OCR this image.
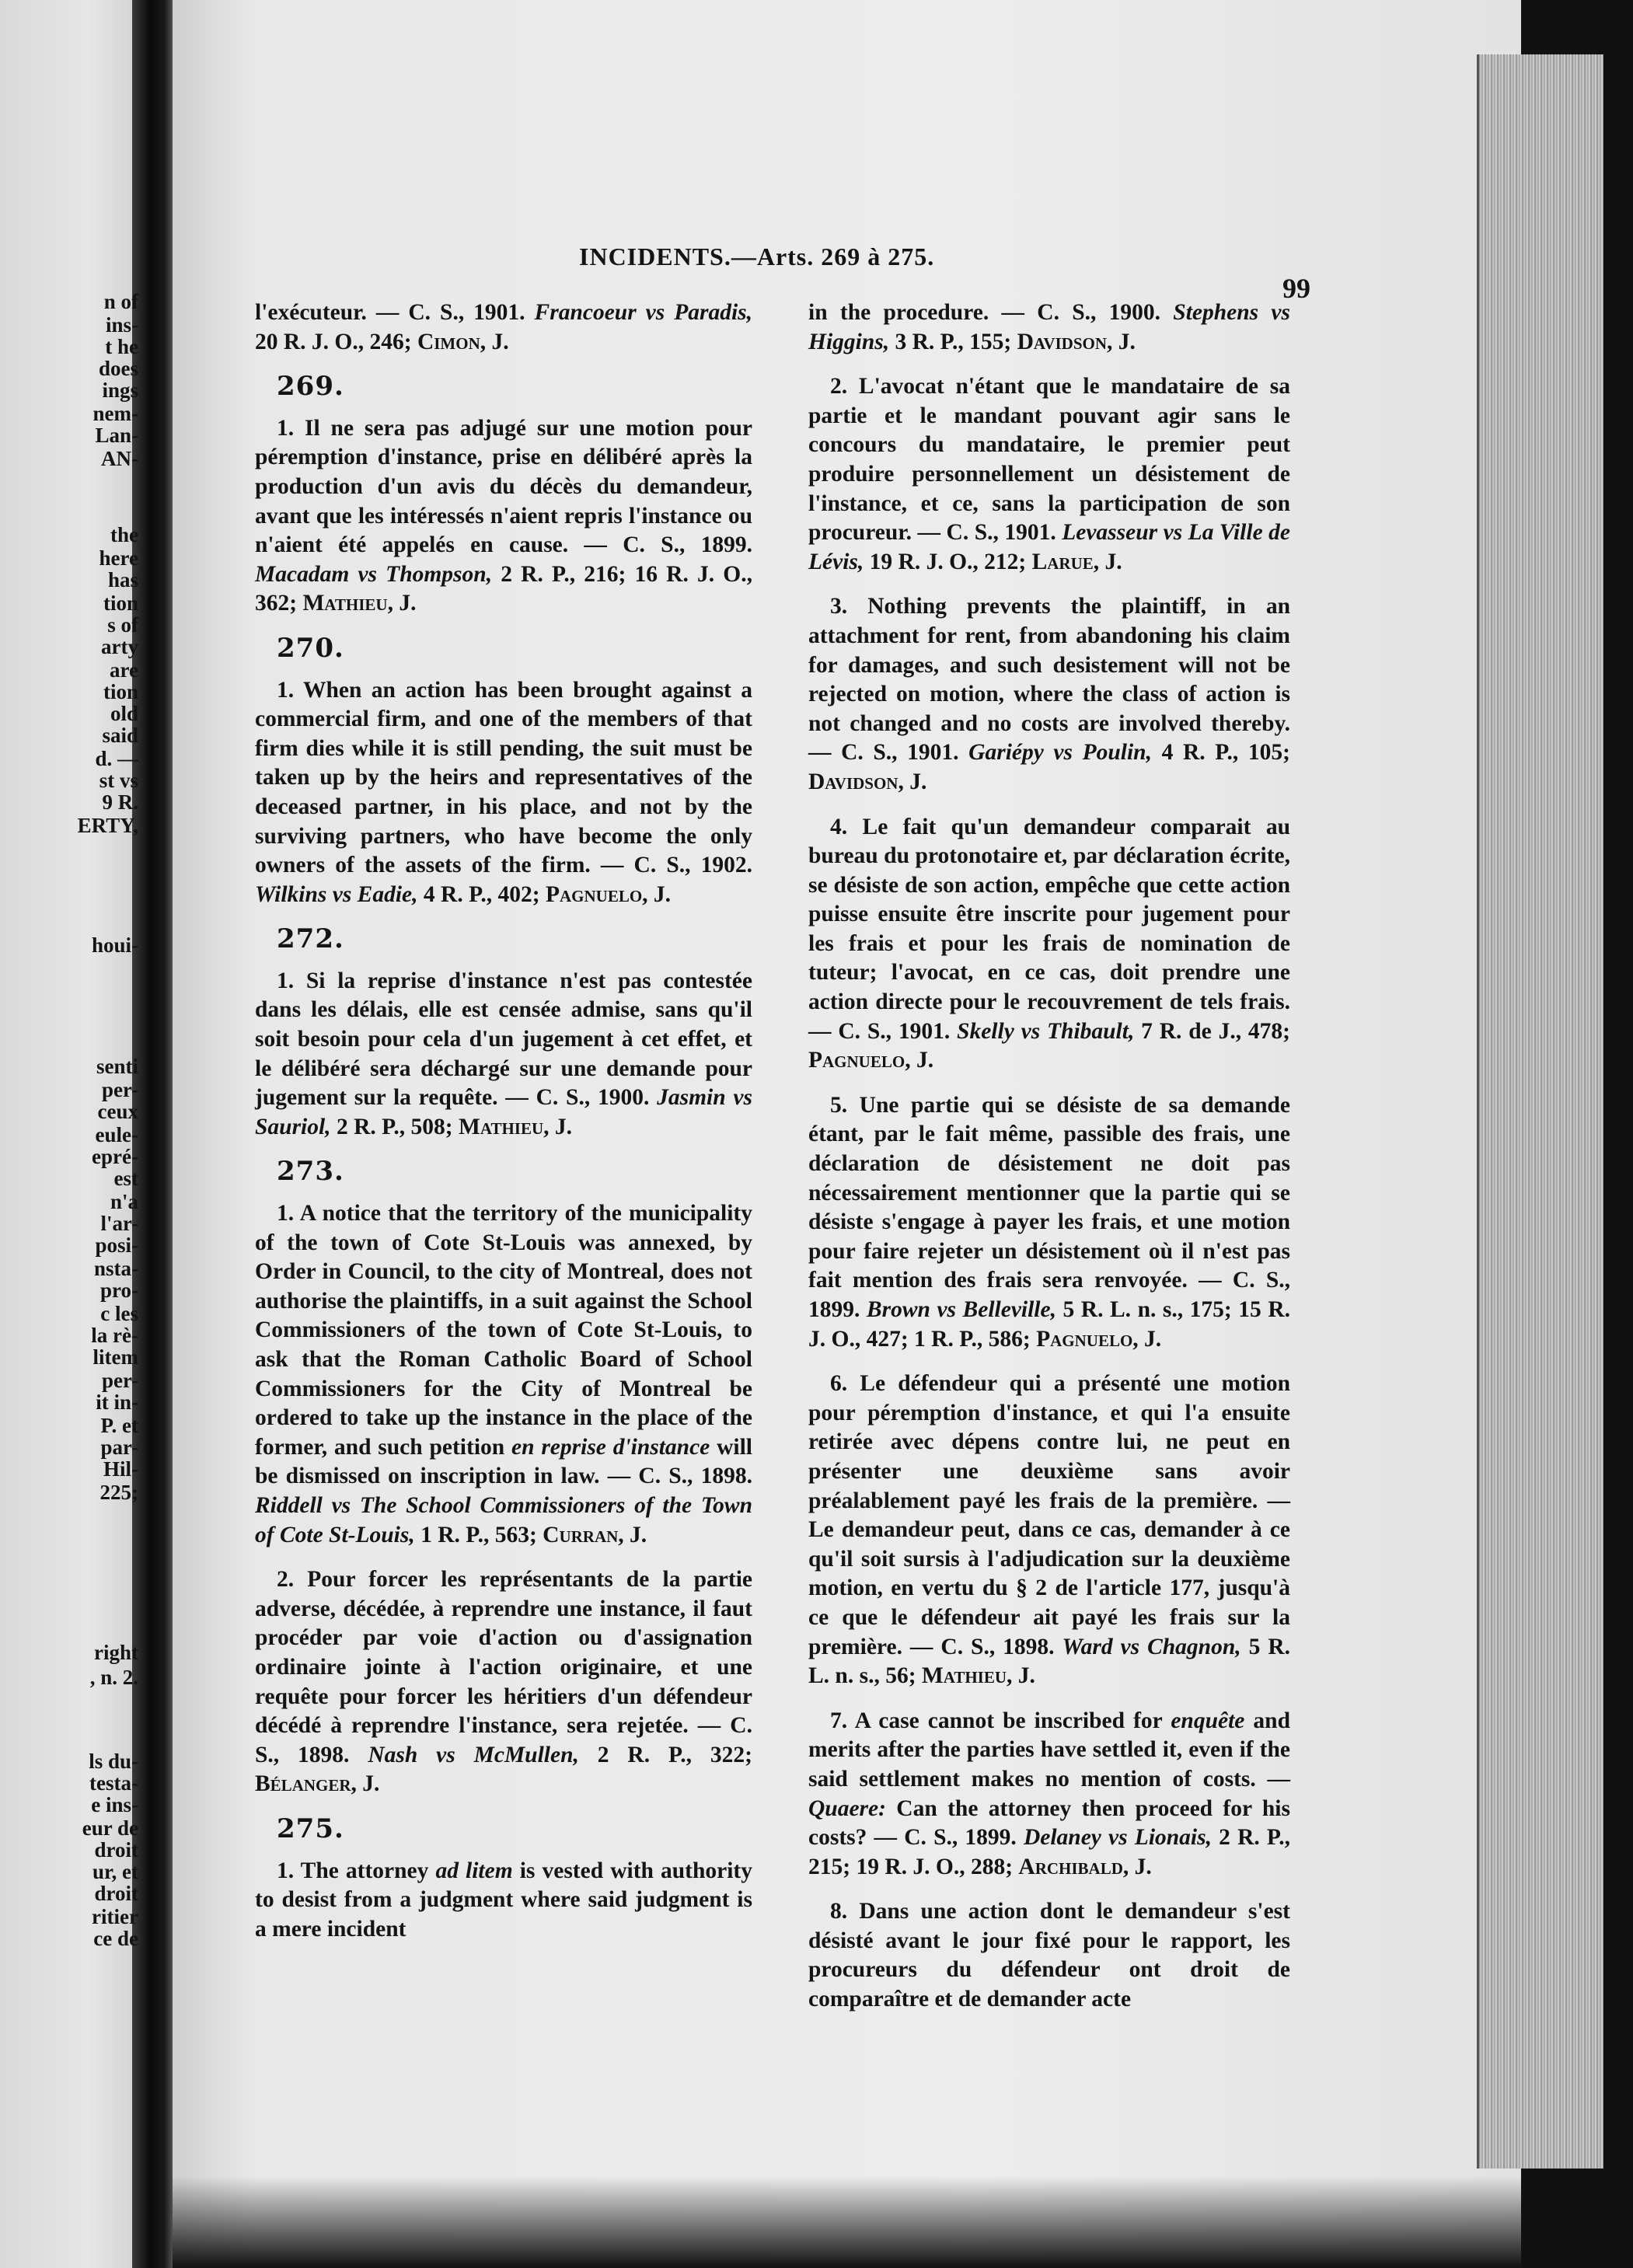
n of
ins-
t he
does
ings
nem-
Lan-
AN-
the
here
has
tion
s of
arty
are
tion
old
said
d. —
st vs
9 R.
ERTY,
houi-
senti
per-
ceux
eule-
epré-
est
n'a
l'ar-
posi-
nsta-
pro-
c les
la rè-
litem
per-
it in-
P. et
par-
Hil-
225;
right
, n. 2.
ls du-
testa-
e ins-
eur de
droit
ur, et
droit
ritier
ce de
INCIDENTS.—Arts. 269 à 275.
99

l'exécuteur. — C. S., 1901. Francoeur vs Paradis, 20 R. J. O., 246; Cimon, J.

269.

1. Il ne sera pas adjugé sur une motion pour péremption d'instance, prise en délibéré après la production d'un avis du décès du demandeur, avant que les intéressés n'aient repris l'instance ou n'aient été appelés en cause. — C. S., 1899. Macadam vs Thompson, 2 R. P., 216; 16 R. J. O., 362; Mathieu, J.

270.

1. When an action has been brought against a commercial firm, and one of the members of that firm dies while it is still pending, the suit must be taken up by the heirs and representatives of the deceased partner, in his place, and not by the surviving partners, who have become the only owners of the assets of the firm. — C. S., 1902. Wilkins vs Eadie, 4 R. P., 402; Pagnuelo, J.

272.

1. Si la reprise d'instance n'est pas contestée dans les délais, elle est censée admise, sans qu'il soit besoin pour cela d'un jugement à cet effet, et le délibéré sera déchargé sur une demande pour jugement sur la requête. — C. S., 1900. Jasmin vs Sauriol, 2 R. P., 508; Mathieu, J.

273.

1. A notice that the territory of the municipality of the town of Cote St-Louis was annexed, by Order in Council, to the city of Montreal, does not authorise the plaintiffs, in a suit against the School Commissioners of the town of Cote St-Louis, to ask that the Roman Catholic Board of School Commissioners for the City of Montreal be ordered to take up the instance in the place of the former, and such petition en reprise d'instance will be dismissed on inscription in law. — C. S., 1898. Riddell vs The School Commissioners of the Town of Cote St-Louis, 1 R. P., 563; Curran, J.

2. Pour forcer les représentants de la partie adverse, décédée, à reprendre une instance, il faut procéder par voie d'action ou d'assignation ordinaire jointe à l'action originaire, et une requête pour forcer les héritiers d'un défendeur décédé à reprendre l'instance, sera rejetée. — C. S., 1898. Nash vs McMullen, 2 R. P., 322; Bélanger, J.

275.

1. The attorney ad litem is vested with authority to desist from a judgment where said judgment is a mere incident

in the procedure. — C. S., 1900. Stephens vs Higgins, 3 R. P., 155; Davidson, J.

2. L'avocat n'étant que le mandataire de sa partie et le mandant pouvant agir sans le concours du mandataire, le premier peut produire personnellement un désistement de l'instance, et ce, sans la participation de son procureur. — C. S., 1901. Levasseur vs La Ville de Lévis, 19 R. J. O., 212; Larue, J.

3. Nothing prevents the plaintiff, in an attachment for rent, from abandoning his claim for damages, and such desistement will not be rejected on motion, where the class of action is not changed and no costs are involved thereby. — C. S., 1901. Gariépy vs Poulin, 4 R. P., 105; Davidson, J.

4. Le fait qu'un demandeur comparait au bureau du protonotaire et, par déclaration écrite, se désiste de son action, empêche que cette action puisse ensuite être inscrite pour jugement pour les frais et pour les frais de nomination de tuteur; l'avocat, en ce cas, doit prendre une action directe pour le recouvrement de tels frais. — C. S., 1901. Skelly vs Thibault, 7 R. de J., 478; Pagnuelo, J.

5. Une partie qui se désiste de sa demande étant, par le fait même, passible des frais, une déclaration de désistement ne doit pas nécessairement mentionner que la partie qui se désiste s'engage à payer les frais, et une motion pour faire rejeter un désistement où il n'est pas fait mention des frais sera renvoyée. — C. S., 1899. Brown vs Belleville, 5 R. L. n. s., 175; 15 R. J. O., 427; 1 R. P., 586; Pagnuelo, J.

6. Le défendeur qui a présenté une motion pour péremption d'instance, et qui l'a ensuite retirée avec dépens contre lui, ne peut en présenter une deuxième sans avoir préalablement payé les frais de la première. — Le demandeur peut, dans ce cas, demander à ce qu'il soit sursis à l'adjudication sur la deuxième motion, en vertu du § 2 de l'article 177, jusqu'à ce que le défendeur ait payé les frais sur la première. — C. S., 1898. Ward vs Chagnon, 5 R. L. n. s., 56; Mathieu, J.

7. A case cannot be inscribed for enquête and merits after the parties have settled it, even if the said settlement makes no mention of costs. — Quaere: Can the attorney then proceed for his costs? — C. S., 1899. Delaney vs Lionais, 2 R. P., 215; 19 R. J. O., 288; Archibald, J.

8. Dans une action dont le demandeur s'est désisté avant le jour fixé pour le rapport, les procureurs du défendeur ont droit de comparaître et de demander acte
